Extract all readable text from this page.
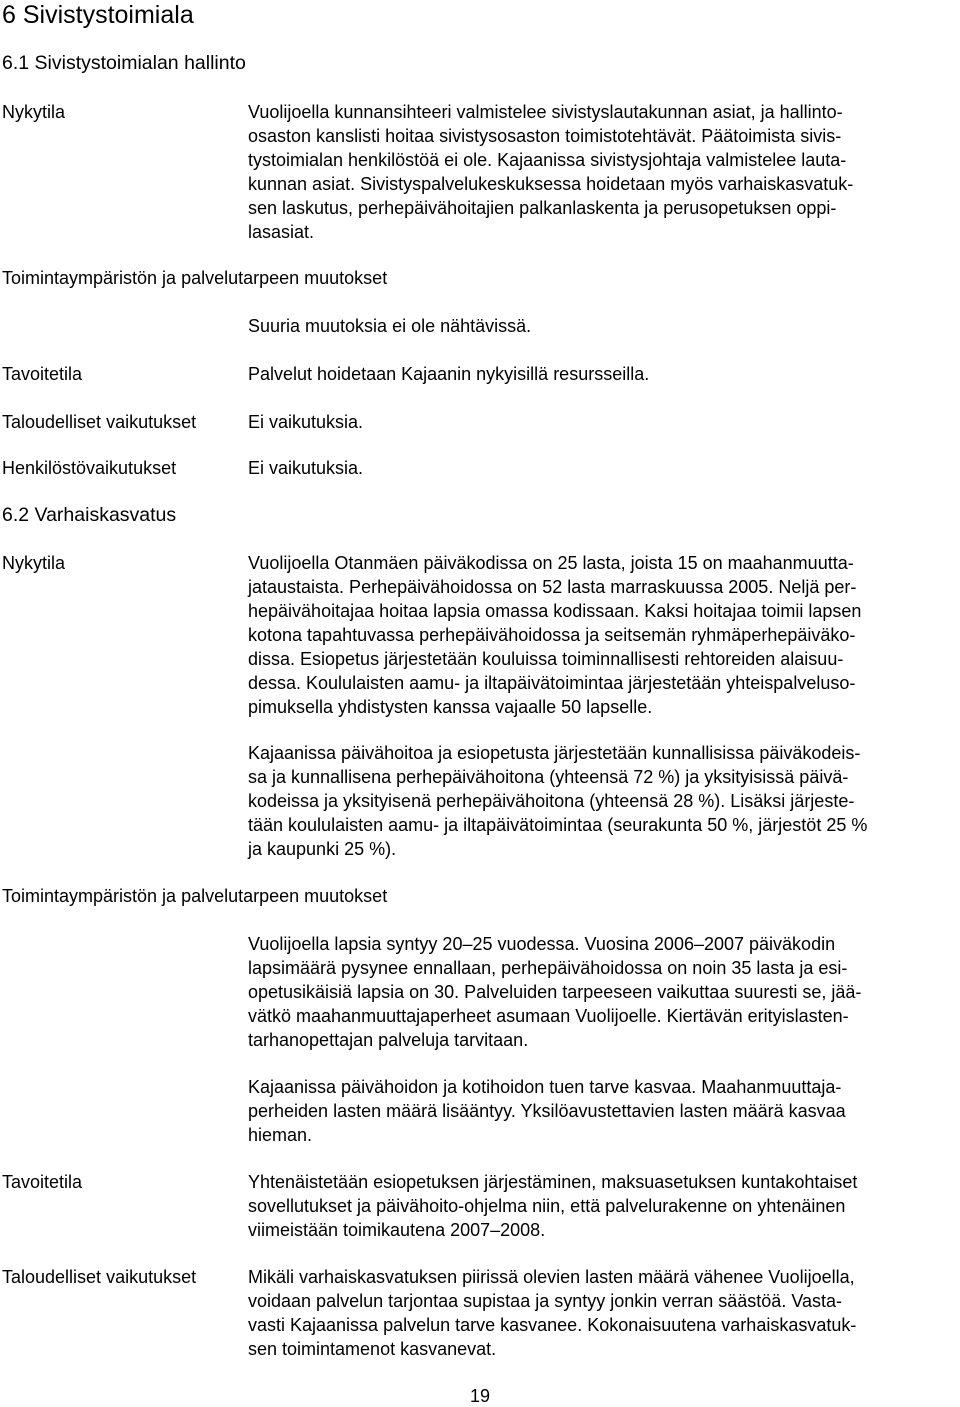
6 Sivistystoimiala
6.1 Sivistystoimialan hallinto
Nykytila	Vuolijoella kunnansihteeri valmistelee sivistyslautakunnan asiat, ja hallinto-
osaston kanslisti hoitaa sivistysosaston toimistotehtävät. Päätoimista sivis-
tystoimialan henkilöstöä ei ole. Kajaanissa sivistysjohtaja valmistelee lauta-
kunnan asiat. Sivistyspalvelukeskuksessa hoidetaan myös varhaiskasvatuk-
sen laskutus, perhepäivähoitajien palkanlaskenta ja perusopetuksen oppi-
lasasiat.
Toimintaympäristön ja palvelutarpeen muutokset
Suuria muutoksia ei ole nähtävissä.
Tavoitetila	Palvelut hoidetaan Kajaanin nykyisillä resursseilla.
Taloudelliset vaikutukset	Ei vaikutuksia.
Henkilöstövaikutukset	Ei vaikutuksia.
6.2 Varhaiskasvatus
Nykytila	Vuolijoella Otanmäen päiväkodissa on 25 lasta, joista 15 on maahanmuutta-
jataustaista. Perhepäivähoidossa on 52 lasta marraskuussa 2005. Neljä per-
hepäivähoitajaa hoitaa lapsia omassa kodissaan. Kaksi hoitajaa toimii lapsen
kotona tapahtuvassa perhepäivähoidossa ja seitsemän ryhmäperhepäiväko-
dissa. Esiopetus järjestetään kouluissa toiminnallisesti rehtoreiden alaisuu-
dessa. Koululaisten aamu- ja iltapäivätoimintaa järjestetään yhteispalveluso-
pimuksella yhdistysten kanssa vajaalle 50 lapselle.
Kajaanissa päivähoitoa ja esiopetusta järjestetään kunnallisissa päiväkodeis-
sa ja kunnallisena perhepäivähoitona (yhteensä 72 %) ja yksityisissä päivä-
kodeissa ja yksityisenä perhepäivähoitona (yhteensä 28 %). Lisäksi järjeste-
tään koululaisten aamu- ja iltapäivätoimintaa (seurakunta 50 %, järjestöt 25 %
ja kaupunki 25 %).
Toimintaympäristön ja palvelutarpeen muutokset
Vuolijoella lapsia syntyy 20–25 vuodessa. Vuosina 2006–2007 päiväkodin
lapsimäärä pysynee ennallaan, perhepäivähoidossa on noin 35 lasta ja esi-
opetusikäisiä lapsia on 30. Palveluiden tarpeeseen vaikuttaa suuresti se, jää-
vätkö maahanmuuttajaperheet asumaan Vuolijoelle. Kiertävän erityislasten-
tarhanopettajan palveluja tarvitaan.
Kajaanissa päivähoidon ja kotihoidon tuen tarve kasvaa. Maahanmuuttaja-
perheiden lasten määrä lisääntyy. Yksilöavustettavien lasten määrä kasvaa
hieman.
Tavoitetila	Yhtenäistetään esiopetuksen järjestäminen, maksuasetuksen kuntakohtaiset
sovellutukset ja päivähoito-ohjelma niin, että palvelurakenne on yhtenäinen
viimeistään toimikautena 2007–2008.
Taloudelliset vaikutukset	Mikäli varhaiskasvatuksen piirissä olevien lasten määrä vähenee Vuolijoella,
voidaan palvelun tarjontaa supistaa ja syntyy jonkin verran säästöä. Vasta-
vasti Kajaanissa palvelun tarve kasvanee. Kokonaisuutena varhaiskasvatuk-
sen toimintamenot kasvanevat.
19
